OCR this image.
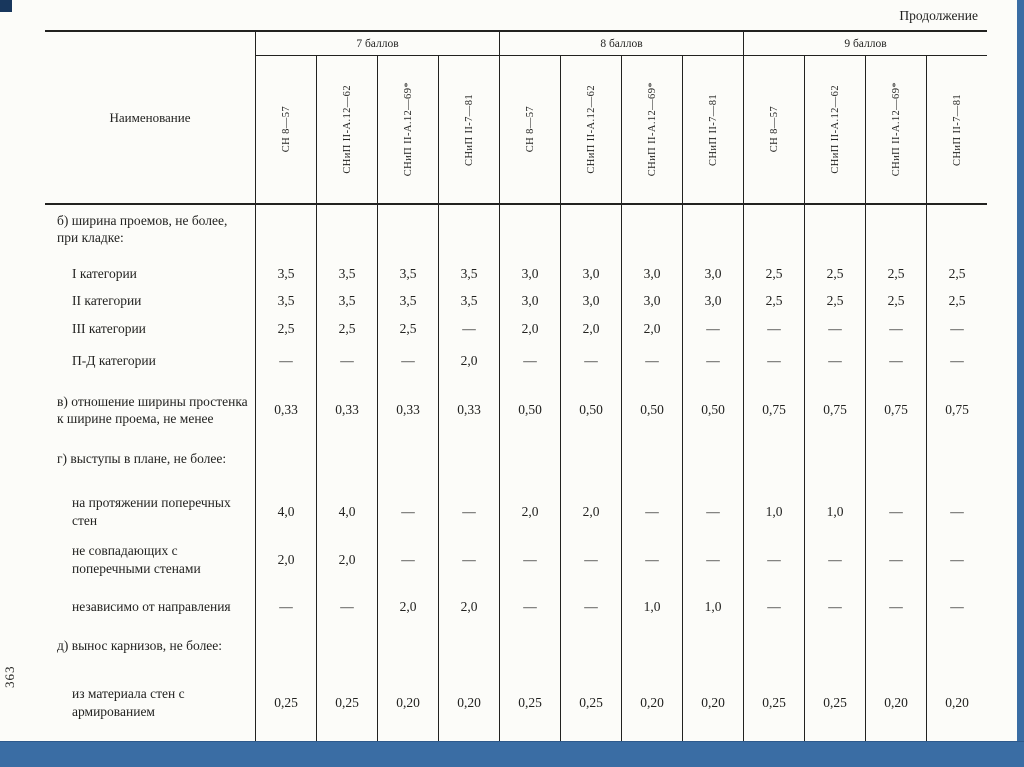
Продолжение
363
Наименование
7 баллов
СН 8—57	СНиП II-А.12—62	СНиП II-А.12—69*	СНиП II-7—81
8 баллов
СН 8—57	СНиП II-А.12—62	СНиП II-А.12—69*	СНиП II-7—81
9 баллов
СН 8—57	СНиП II-А.12—62	СНиП II-А.12—69*	СНиП II-7—81
б) ширина проемов, не более, при кладке:
I категории	3,5	3,5	3,5	3,5	3,0	3,0	3,0	3,0	2,5	2,5	2,5	2,5
II категории	3,5	3,5	3,5	3,5	3,0	3,0	3,0	3,0	2,5	2,5	2,5	2,5
III категории	2,5	2,5	2,5	—	2,0	2,0	2,0	—	—	—	—	—
П-Д категории	—	—	—	2,0	—	—	—	—	—	—	—	—
в) отношение ширины простенка к ширине проема, не менее
0,33	0,33	0,33	0,33	0,50	0,50	0,50	0,50	0,75	0,75	0,75	0,75
г) выступы в плане, не более:
на протяжении поперечных стен
4,0	4,0	—	—	2,0	2,0	—	—	1,0	1,0	—	—
не совпадающих с поперечными стенами
2,0	2,0	—	—	—	—	—	—	—	—	—	—
независимо от направления	—	—	2,0	2,0	—	—	1,0	1,0	—	—	—	—
д) вынос карнизов, не более:
из материала стен с армированием
0,25	0,25	0,20	0,20	0,25	0,25	0,20	0,20	0,25	0,25	0,20	0,20
